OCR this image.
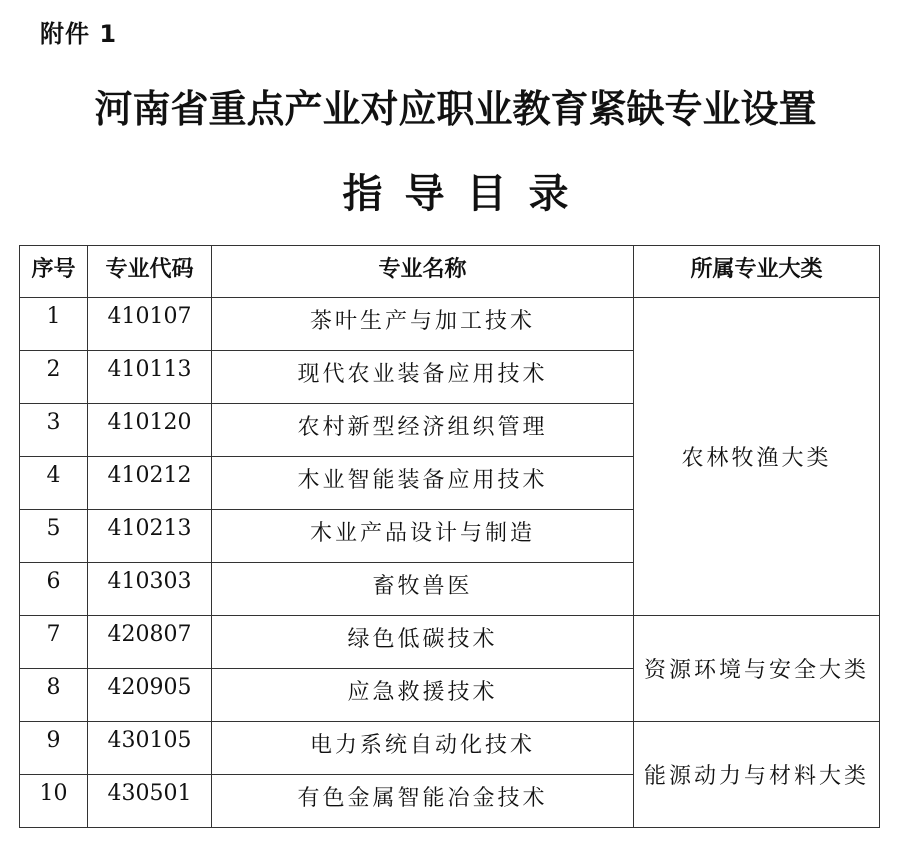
附件 1
河南省重点产业对应职业教育紧缺专业设置
指导目录
序号	专业代码	专业名称	所属专业大类
1	410107	茶叶生产与加工技术	农林牧渔大类
2	410113	现代农业装备应用技术	
3	410120	农村新型经济组织管理	
4	410212	木业智能装备应用技术	
5	410213	木业产品设计与制造	
6	410303	畜牧兽医	
7	420807	绿色低碳技术	资源环境与安全大类
8	420905	应急救援技术	
9	430105	电力系统自动化技术	能源动力与材料大类
10	430501	有色金属智能冶金技术	
